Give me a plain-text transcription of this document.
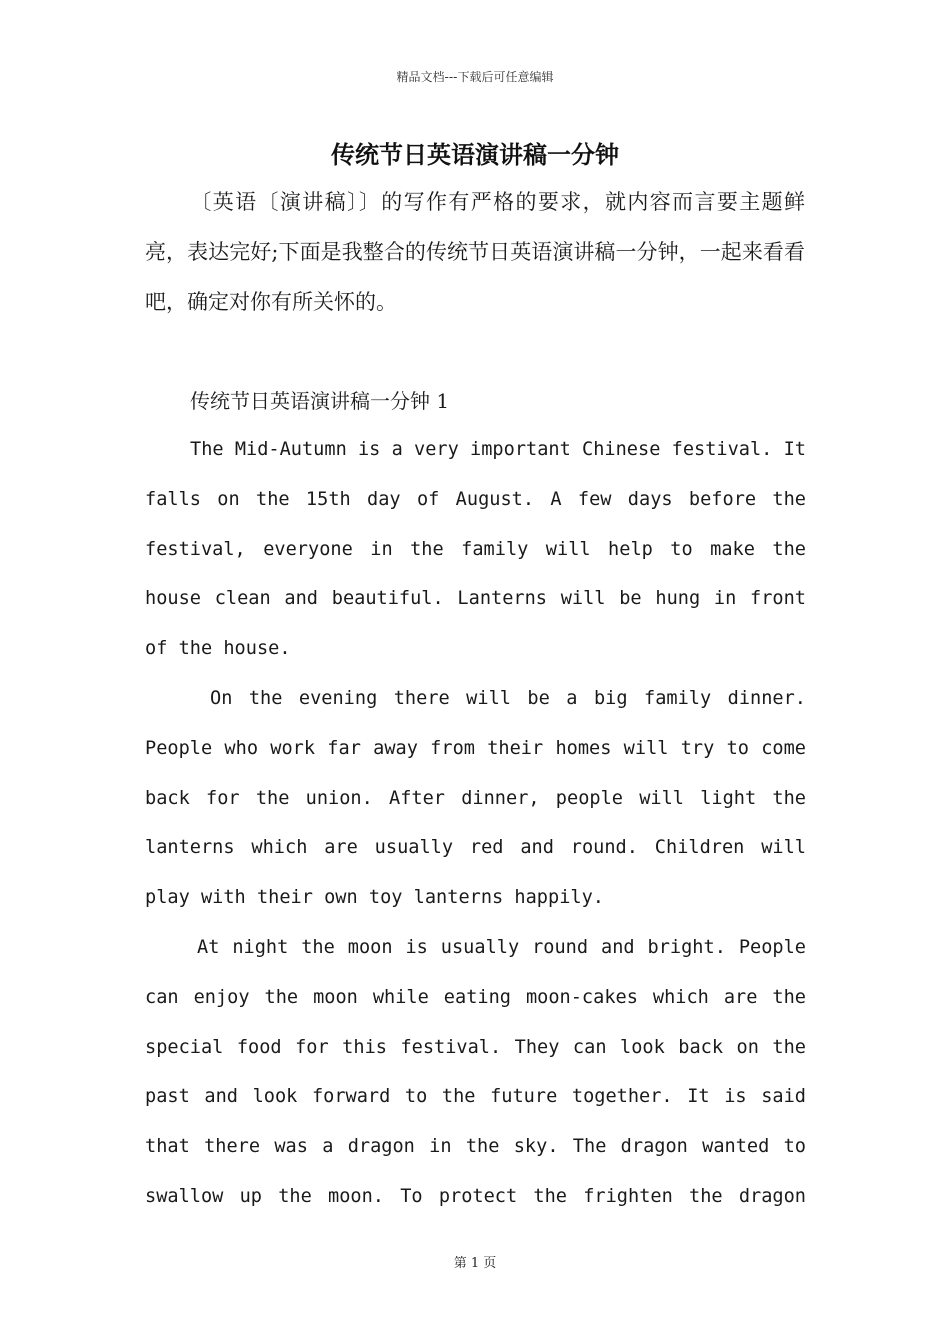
精品文档---下载后可任意编辑
传统节日英语演讲稿一分钟

〔英语〔演讲稿〕〕的写作有严格的要求，就内容而言要主题鲜亮，表达完好;下面是我整合的传统节日英语演讲稿一分钟，一起来看看吧，确定对你有所关怀的。

传统节日英语演讲稿一分钟 1

The Mid-Autumn is a very important Chinese festival. It falls on the 15th day of August. A few days before the festival, everyone in the family will help to make the house clean and beautiful. Lanterns will be hung in front of the house.

On the evening there will be a big family dinner. People who work far away from their homes will try to come back for the union. After dinner, people will light the lanterns which are usually red and round. Children will play with their own toy lanterns happily.

At night the moon is usually round and bright. People can enjoy the moon while eating moon-cakes which are the special food for this festival. They can look back on the past and look forward to the future together. It is said that there was a dragon in the sky. The dragon wanted to swallow up the moon. To protect the frighten the dragon

第 1 页
